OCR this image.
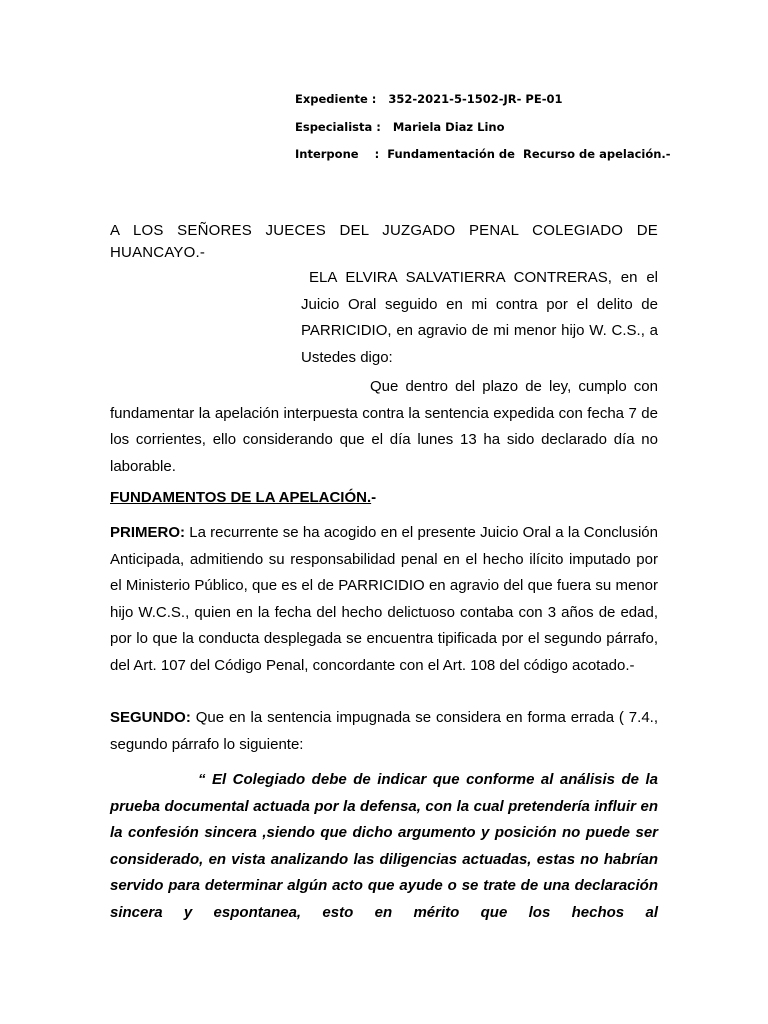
Expediente : 352-2021-5-1502-JR- PE-01
Especialista : Mariela Diaz Lino
Interpone : Fundamentación de  Recurso de apelación.-
A LOS SEÑORES JUECES DEL JUZGADO PENAL COLEGIADO DE
HUANCAYO.-
ELA ELVIRA SALVATIERRA CONTRERAS, en el Juicio Oral seguido en mi contra por el delito de PARRICIDIO, en agravio de mi menor hijo W. C.S., a Ustedes digo:
Que dentro del plazo de ley, cumplo con fundamentar la apelación interpuesta contra la sentencia expedida con fecha 7 de los corrientes, ello considerando que el día lunes 13 ha sido declarado día no laborable.
FUNDAMENTOS DE LA APELACIÓN.-
PRIMERO: La recurrente se ha acogido en el presente Juicio Oral a la Conclusión Anticipada, admitiendo su responsabilidad penal en el hecho ilícito imputado por el Ministerio Público, que es el de PARRICIDIO en agravio del que fuera su menor hijo W.C.S., quien en la fecha del hecho delictuoso contaba con 3 años de edad, por lo que la conducta desplegada se encuentra tipificada por el segundo párrafo, del Art. 107 del Código Penal, concordante con el Art. 108 del código acotado.-
SEGUNDO: Que en la sentencia impugnada se considera en forma errada ( 7.4., segundo párrafo lo siguiente:
“ El Colegiado debe de indicar que conforme al análisis de la prueba documental actuada por la defensa, con la cual pretendería influir en la confesión sincera ,siendo que dicho argumento y posición no puede ser considerado, en vista analizando las diligencias actuadas, estas no habrían servido para determinar algún acto que ayude o se trate de una declaración sincera y espontanea, esto en mérito que los hechos al
